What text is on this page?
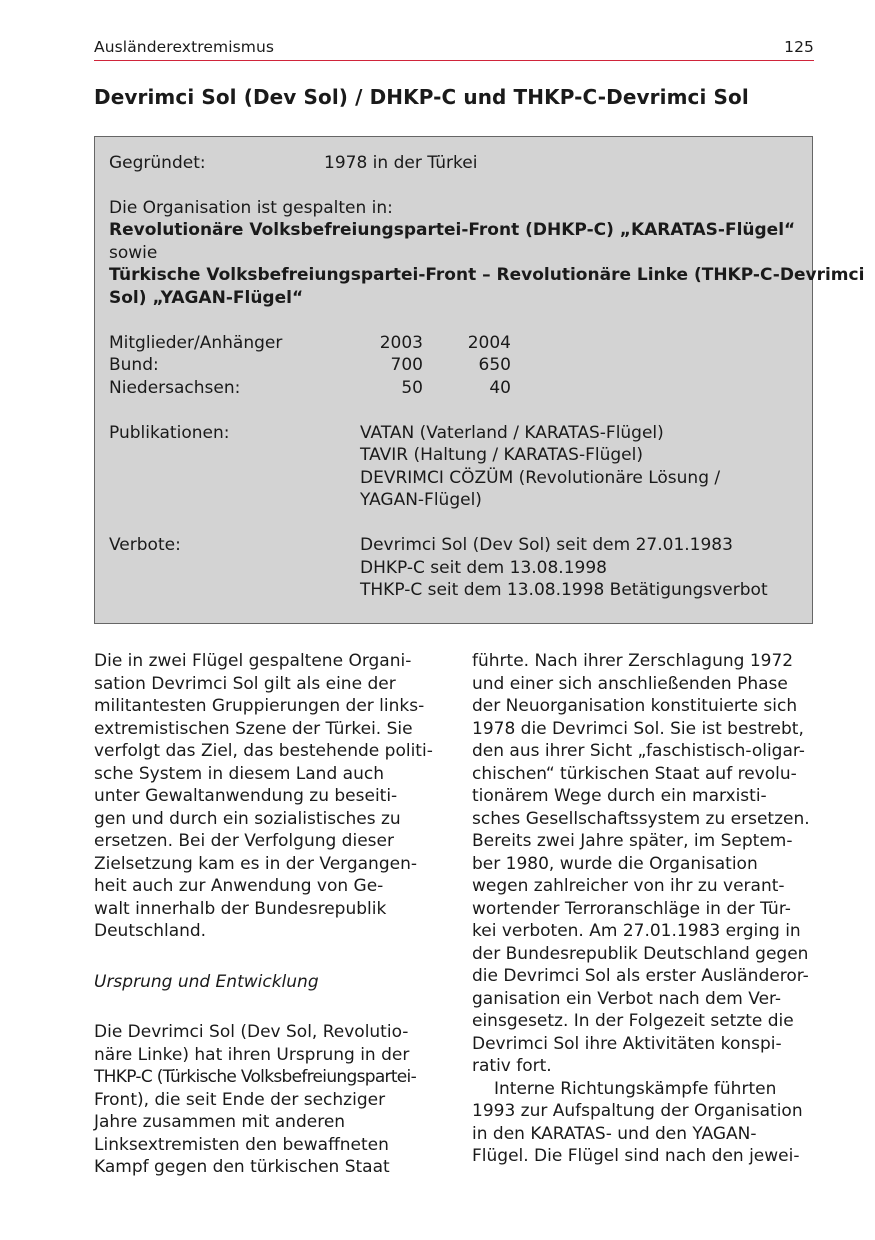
Ausländerextremismus	125
Devrimci Sol (Dev Sol) / DHKP-C und THKP-C-Devrimci Sol
Gegründet:	1978 in der Türkei
Die Organisation ist gespalten in:
Revolutionäre Volksbefreiungspartei-Front (DHKP-C) „KARATAS-Flügel“
sowie
Türkische Volksbefreiungspartei-Front – Revolutionäre Linke (THKP-C-Devrimci
Sol) „YAGAN-Flügel“
Mitglieder/Anhänger	2003	2004
Bund:	700	650
Niedersachsen:	50	40
Publikationen:	VATAN (Vaterland / KARATAS-Flügel)
TAVIR (Haltung / KARATAS-Flügel)
DEVRIMCI CÖZÜM (Revolutionäre Lösung /
YAGAN-Flügel)
Verbote:	Devrimci Sol (Dev Sol) seit dem 27.01.1983
DHKP-C seit dem 13.08.1998
THKP-C seit dem 13.08.1998 Betätigungsverbot

Die in zwei Flügel gespaltene Organi-
sation Devrimci Sol gilt als eine der
militantesten Gruppierungen der links-
extremistischen Szene der Türkei. Sie
verfolgt das Ziel, das bestehende politi-
sche System in diesem Land auch
unter Gewaltanwendung zu beseiti-
gen und durch ein sozialistisches zu
ersetzen. Bei der Verfolgung dieser
Zielsetzung kam es in der Vergangen-
heit auch zur Anwendung von Ge-
walt innerhalb der Bundesrepublik
Deutschland.

Ursprung und Entwicklung

Die Devrimci Sol (Dev Sol, Revolutio-
näre Linke) hat ihren Ursprung in der
THKP-C (Türkische Volksbefreiungspartei-
Front), die seit Ende der sechziger
Jahre zusammen mit anderen
Linksextremisten den bewaffneten
Kampf gegen den türkischen Staat

führte. Nach ihrer Zerschlagung 1972
und einer sich anschließenden Phase
der Neuorganisation konstituierte sich
1978 die Devrimci Sol. Sie ist bestrebt,
den aus ihrer Sicht „faschistisch-oligar-
chischen“ türkischen Staat auf revolu-
tionärem Wege durch ein marxisti-
sches Gesellschaftssystem zu ersetzen.
Bereits zwei Jahre später, im Septem-
ber 1980, wurde die Organisation
wegen zahlreicher von ihr zu verant-
wortender Terroranschläge in der Tür-
kei verboten. Am 27.01.1983 erging in
der Bundesrepublik Deutschland gegen
die Devrimci Sol als erster Ausländeror-
ganisation ein Verbot nach dem Ver-
einsgesetz. In der Folgezeit setzte die
Devrimci Sol ihre Aktivitäten konspi-
rativ fort.

Interne Richtungskämpfe führten
1993 zur Aufspaltung der Organisation
in den KARATAS- und den YAGAN-
Flügel. Die Flügel sind nach den jewei-
